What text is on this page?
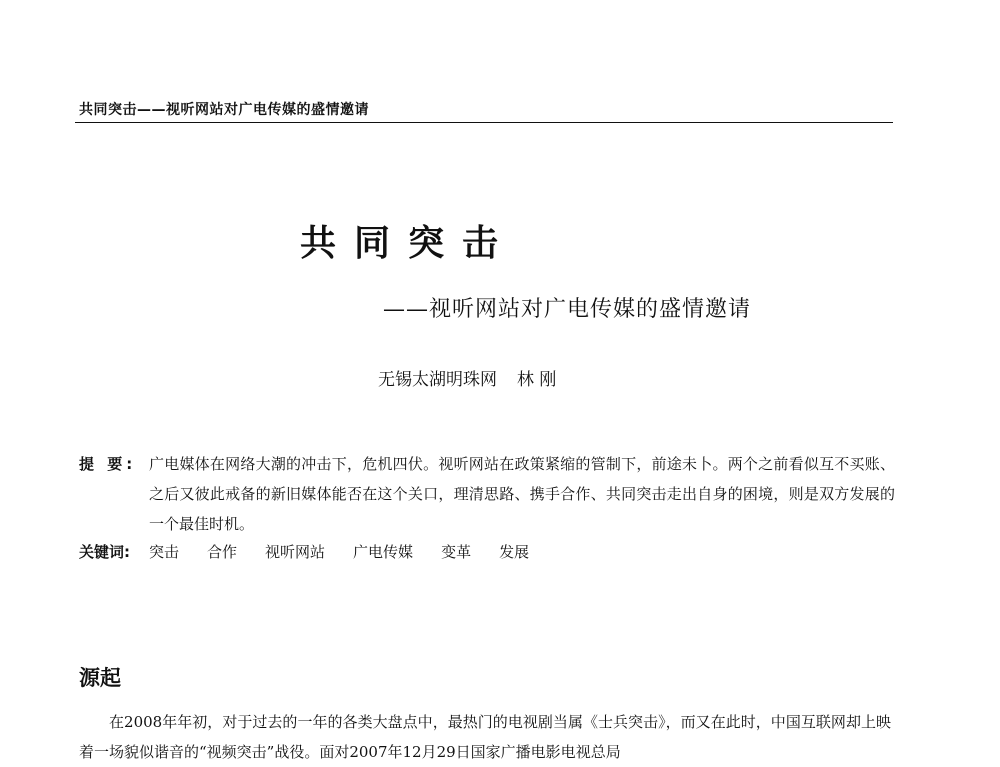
共同突击——视听网站对广电传媒的盛情邀请
共同突击
——视听网站对广电传媒的盛情邀请
无锡太湖明珠网 林 刚
提 要: 广电媒体在网络大潮的冲击下，危机四伏。视听网站在政策紧缩的管制下，前途未卜。两个之前看似互不买账、之后又彼此戒备的新旧媒体能否在这个关口，理清思路、携手合作、共同突击走出自身的困境，则是双方发展的一个最佳时机。
关键词:	突击 合作 视听网站 广电传媒 变革 发展
源起
在2008年年初，对于过去的一年的各类大盘点中，最热门的电视剧当属《士兵突击》，而又在此时，中国互联网却上映着一场貌似谐音的“视频突击”战役。面对2007年12月29日国家广播电影电视总局
